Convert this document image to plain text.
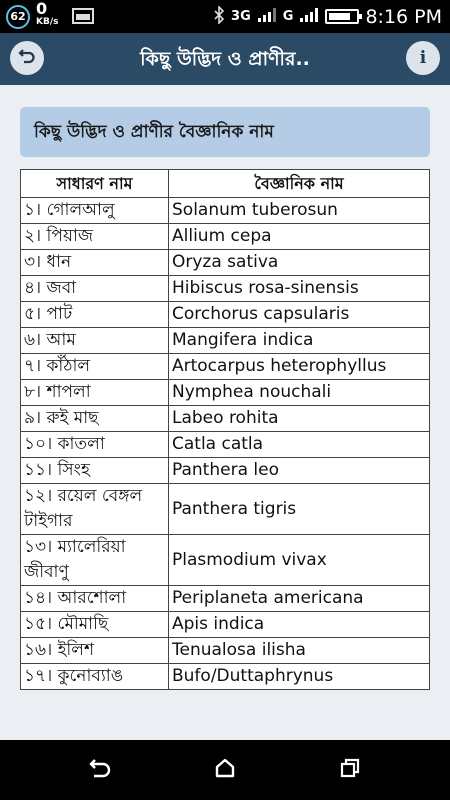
62 0
KB/s	3G G	8:16 PM
কিছু উদ্ভিদ ও প্রাণীর..	i
কিছু উদ্ভিদ ও প্রাণীর বৈজ্ঞানিক নাম
সাধারণ নাম	বৈজ্ঞানিক নাম
১। গোলআলু	Solanum tuberosun
২। পিয়াজ	Allium cepa
৩। ধান	Oryza sativa
৪। জবা	Hibiscus rosa-sinensis
৫। পাট	Corchorus capsularis
৬। আম	Mangifera indica
৭। কাঁঠাল	Artocarpus heterophyllus
৮। শাপলা	Nymphea nouchali
৯। রুই মাছ	Labeo rohita
১০। কাতলা	Catla catla
১১। সিংহ	Panthera leo
১২। রয়েল বেঙ্গল টাইগার	Panthera tigris
১৩। ম্যালেরিয়া জীবাণু	Plasmodium vivax
১৪। আরশোলা	Periplaneta americana
১৫। মৌমাছি	Apis indica
১৬। ইলিশ	Tenualosa ilisha
১৭। কুনোব্যাঙ	Bufo/Duttaphrynus
